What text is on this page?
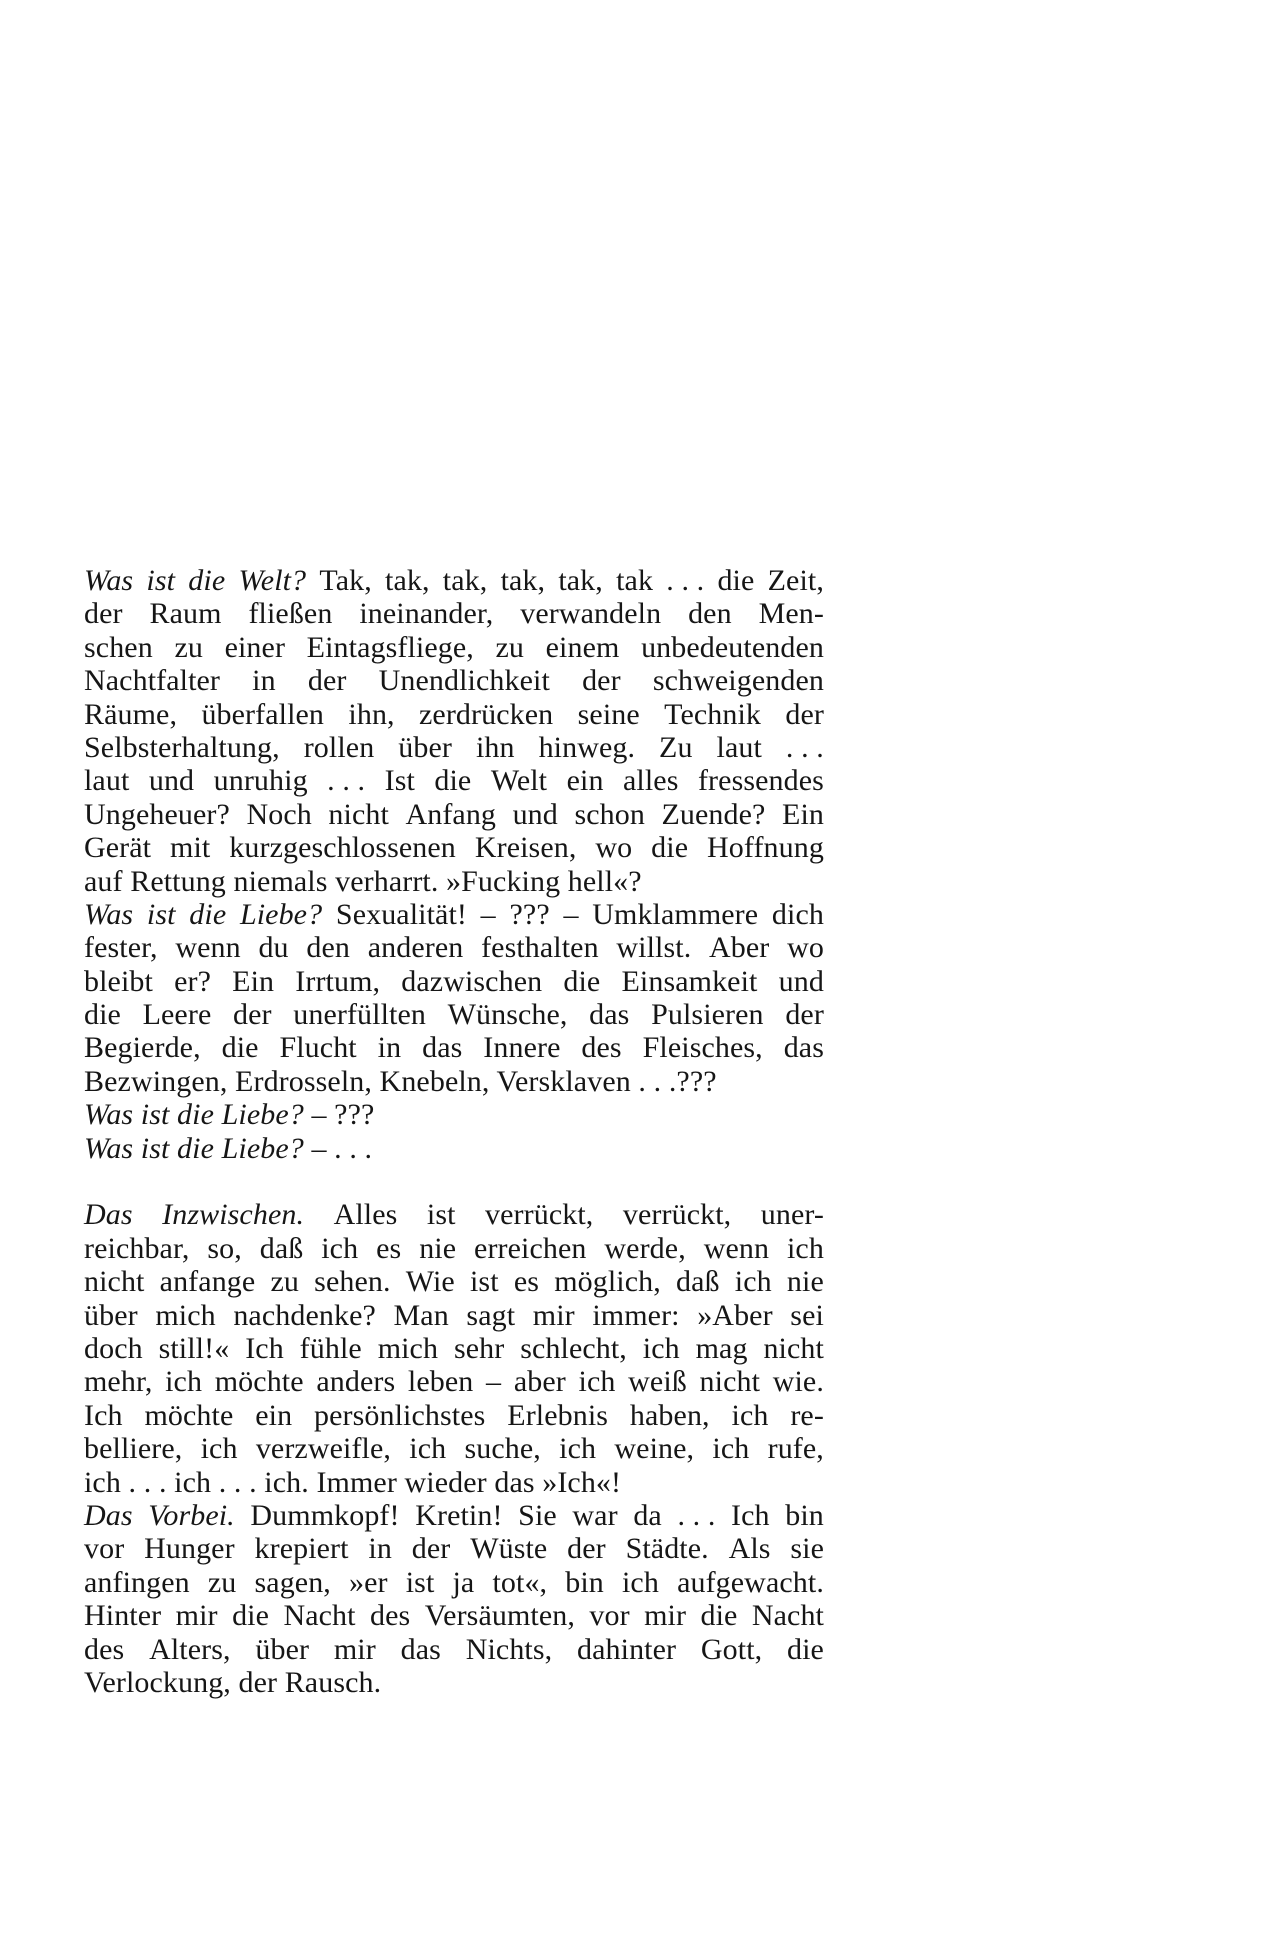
Was ist die Welt? Tak, tak, tak, tak, tak, tak . . . die Zeit,
der Raum fließen ineinander, verwandeln den Men-
schen zu einer Eintagsfliege, zu einem unbedeutenden
Nachtfalter in der Unendlichkeit der schweigenden
Räume, überfallen ihn, zerdrücken seine Technik der
Selbsterhaltung, rollen über ihn hinweg. Zu laut . . .
laut und unruhig . . . Ist die Welt ein alles fressendes
Ungeheuer? Noch nicht Anfang und schon Zuende? Ein
Gerät mit kurzgeschlossenen Kreisen, wo die Hoffnung
auf Rettung niemals verharrt. »Fucking hell«?
Was ist die Liebe? Sexualität! – ??? – Umklammere dich
fester, wenn du den anderen festhalten willst. Aber wo
bleibt er? Ein Irrtum, dazwischen die Einsamkeit und
die Leere der unerfüllten Wünsche, das Pulsieren der
Begierde, die Flucht in das Innere des Fleisches, das
Bezwingen, Erdrosseln, Knebeln, Versklaven . . .???
Was ist die Liebe? – ???
Was ist die Liebe? – . . .
Das Inzwischen. Alles ist verrückt, verrückt, uner-
reichbar, so, daß ich es nie erreichen werde, wenn ich
nicht anfange zu sehen. Wie ist es möglich, daß ich nie
über mich nachdenke? Man sagt mir immer: »Aber sei
doch still!« Ich fühle mich sehr schlecht, ich mag nicht
mehr, ich möchte anders leben – aber ich weiß nicht wie.
Ich möchte ein persönlichstes Erlebnis haben, ich re-
belliere, ich verzweifle, ich suche, ich weine, ich rufe,
ich . . . ich . . . ich. Immer wieder das »Ich«!
Das Vorbei. Dummkopf! Kretin! Sie war da . . . Ich bin
vor Hunger krepiert in der Wüste der Städte. Als sie
anfingen zu sagen, »er ist ja tot«, bin ich aufgewacht.
Hinter mir die Nacht des Versäumten, vor mir die Nacht
des Alters, über mir das Nichts, dahinter Gott, die
Verlockung, der Rausch.
